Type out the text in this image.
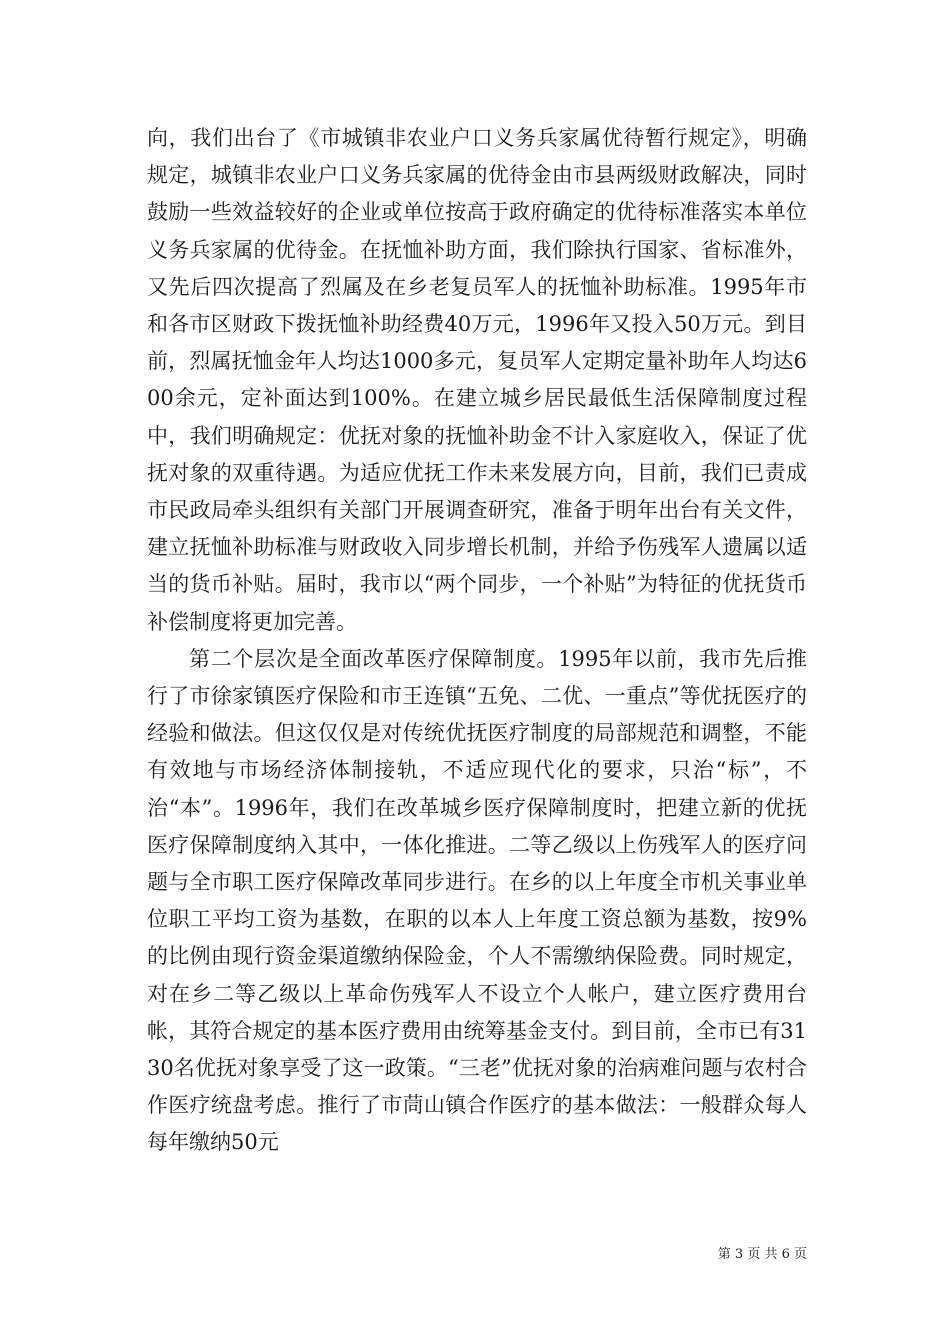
向，我们出台了《市城镇非农业户口义务兵家属优待暂行规定》，明确规定，城镇非农业户口义务兵家属的优待金由市县两级财政解决，同时鼓励一些效益较好的企业或单位按高于政府确定的优待标准落实本单位义务兵家属的优待金。在抚恤补助方面，我们除执行国家、省标准外，又先后四次提高了烈属及在乡老复员军人的抚恤补助标准。1995年市和各市区财政下拨抚恤补助经费40万元，1996年又投入50万元。到目前，烈属抚恤金年人均达1000多元，复员军人定期定量补助年人均达600余元，定补面达到100%。在建立城乡居民最低生活保障制度过程中，我们明确规定：优抚对象的抚恤补助金不计入家庭收入，保证了优抚对象的双重待遇。为适应优抚工作未来发展方向，目前，我们已责成市民政局牵头组织有关部门开展调查研究，准备于明年出台有关文件，建立抚恤补助标准与财政收入同步增长机制，并给予伤残军人遗属以适当的货币补贴。届时，我市以“两个同步，一个补贴”为特征的优抚货币补偿制度将更加完善。

第二个层次是全面改革医疗保障制度。1995年以前，我市先后推行了市徐家镇医疗保险和市王连镇“五免、二优、一重点”等优抚医疗的经验和做法。但这仅仅是对传统优抚医疗制度的局部规范和调整，不能有效地与市场经济体制接轨，不适应现代化的要求，只治“标”，不治“本”。1996年，我们在改革城乡医疗保障制度时，把建立新的优抚医疗保障制度纳入其中，一体化推进。二等乙级以上伤残军人的医疗问题与全市职工医疗保障改革同步进行。在乡的以上年度全市机关事业单位职工平均工资为基数，在职的以本人上年度工资总额为基数，按9%的比例由现行资金渠道缴纳保险金，个人不需缴纳保险费。同时规定，对在乡二等乙级以上革命伤残军人不设立个人帐户，建立医疗费用台帐，其符合规定的基本医疗费用由统筹基金支付。到目前，全市已有3130名优抚对象享受了这一政策。“三老”优抚对象的治病难问题与农村合作医疗统盘考虑。推行了市茼山镇合作医疗的基本做法：一般群众每人每年缴纳50元

第 3 页 共 6 页
